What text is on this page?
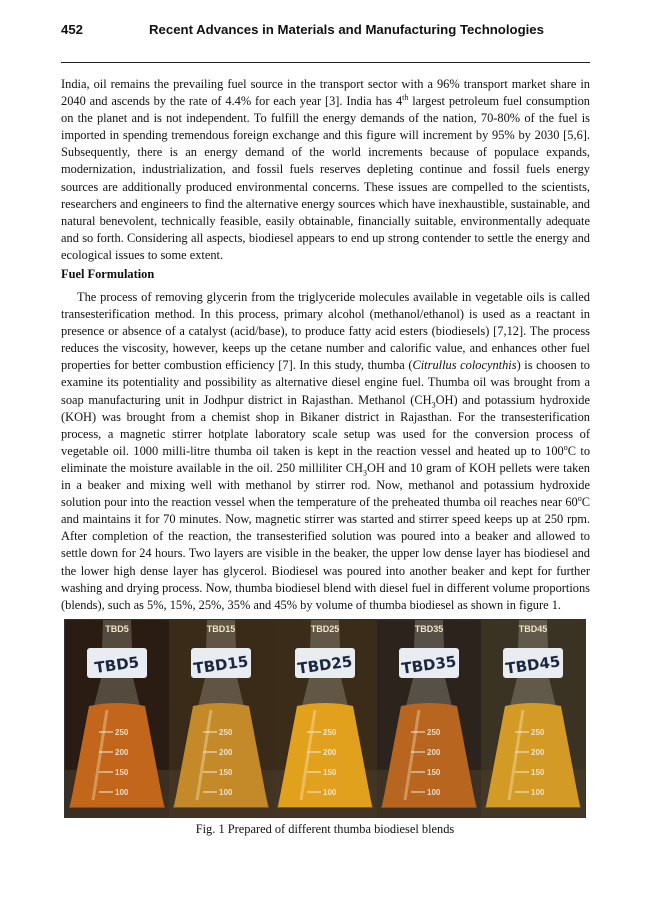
452	Recent Advances in Materials and Manufacturing Technologies
India, oil remains the prevailing fuel source in the transport sector with a 96% transport market share in 2040 and ascends by the rate of 4.4% for each year [3]. India has 4th largest petroleum fuel consumption on the planet and is not independent. To fulfill the energy demands of the nation, 70-80% of the fuel is imported in spending tremendous foreign exchange and this figure will increment by 95% by 2030 [5,6]. Subsequently, there is an energy demand of the world increments because of populace expands, modernization, industrialization, and fossil fuels reserves depleting continue and fossil fuels energy sources are additionally produced environmental concerns. These issues are compelled to the scientists, researchers and engineers to find the alternative energy sources which have inexhaustible, sustainable, and natural benevolent, technically feasible, easily obtainable, financially suitable, environmentally adequate and so forth. Considering all aspects, biodiesel appears to end up strong contender to settle the energy and ecological issues to some extent.
Fuel Formulation
The process of removing glycerin from the triglyceride molecules available in vegetable oils is called transesterification method. In this process, primary alcohol (methanol/ethanol) is used as a reactant in presence or absence of a catalyst (acid/base), to produce fatty acid esters (biodiesels) [7,12]. The process reduces the viscosity, however, keeps up the cetane number and calorific value, and enhances other fuel properties for better combustion efficiency [7]. In this study, thumba (Citrullus colocynthis) is choosen to examine its potentiality and possibility as alternative diesel engine fuel. Thumba oil was brought from a soap manufacturing unit in Jodhpur district in Rajasthan. Methanol $(CH_3OH)$ and potassium hydroxide (KOH) was brought from a chemist shop in Bikaner district in Rajasthan. For the transesterification process, a magnetic stirrer hotplate laboratory scale setup was used for the conversion process of vegetable oil. 1000 milli-litre thumba oil taken is kept in the reaction vessel and heated up to 100$^o$C to eliminate the moisture available in the oil. 250 milliliter $CH_3OH$ and 10 gram of KOH pellets were taken in a beaker and mixing well with methanol by stirrer rod. Now, methanol and potassium hydroxide solution pour into the reaction vessel when the temperature of the preheated thumba oil reaches near 60$^o$C and maintains it for 70 minutes. Now, magnetic stirrer was started and stirrer speed keeps up at 250 rpm. After completion of the reaction, the transesterified solution was poured into a beaker and allowed to settle down for 24 hours. Two layers are visible in the beaker, the upper low dense layer has biodiesel and the lower high dense layer has glycerol. Biodiesel was poured into another beaker and kept for further washing and drying process. Now, thumba biodiesel blend with diesel fuel in different volume proportions (blends), such as 5%, 15%, 25%, 35% and 45% by volume of thumba biodiesel as shown in figure 1.
TBD5
TBD5
250
200
150
100
TBD15
TBD15
250
200
150
100
TBD25
TBD25
250
200
150
100
TBD35
TBD35
250
200
150
100
TBD45
TBD45
250
200
150
100
Fig. 1 Prepared of different thumba biodiesel blends
